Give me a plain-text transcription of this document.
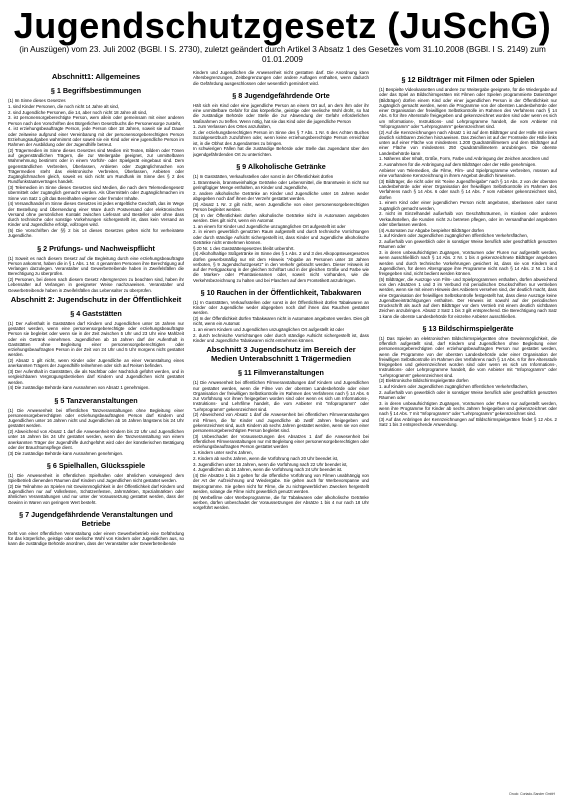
Jugendschutzgesetz (JuSchG)
(in Auszügen) vom 23. Juli 2002 (BGBl. I S. 2730), zuletzt geändert durch Artikel 3 Absatz 1 des Gesetzes vom 31.10.2008 (BGBl. I S. 2149) zum 01.01.2009
Abschnitt1: Allgemeines
§ 1 Begriffsbestimmungen
(1) Im Sinne dieses Gesetzes
1. sind Kinder Personen, die noch nicht 14 Jahre alt sind,
2. sind Jugendliche Personen, die 14, aber noch nicht 18 Jahre alt sind,
3. ist personensorgeberechtigte Person, wem allein oder gemeinsam mit einer anderen Person nach den Vorschriften des Bürgerlichen Gesetzbuchs die Personensorge zusteht,
4. ist erziehungsbeauftragte Person, jede Person über 18 Jahren, soweit sie auf Dauer oder zeitweise aufgrund einer Vereinbarung mit der personensorgeberechtigten Person Erziehungsaufgaben wahrnimmt oder soweit sie ein Kind oder eine jugendliche Person im Rahmen der Ausbildung oder der Jugendhilfe betreut.
(2) Trägermedien im Sinne dieses Gesetzes sind Medien mit Texten, Bildern oder Tönen auf gegenständlichen Trägern, die zur Weitergabe geeignet, zur unmittelbaren Wahrnehmung bestimmt oder in einem Vorführ- oder Spielgerät eingebaut sind. Dem gegenständlichen Verbreiten, Überlassen, Anbieten oder Zugänglichmachen von Trägermedien steht das elektronische Verbreiten, Überlassen, Anbieten oder Zugänglichmachen gleich, soweit es sich nicht um Rundfunk im Sinne des § 2 des Rundfunkstaatsvertrages handelt.
(3) Telemedien im Sinne dieses Gesetzes sind Medien, die nach dem Telemediengesetz übermittelt oder zugänglich gemacht werden. Als Übermitteln oder Zugänglichmachen im Sinne von Satz 1 gilt das Bereithalten eigener oder fremder Inhalte.
(4) Versandhandel im Sinne dieses Gesetzes ist jedes entgeltliche Geschäft, das im Wege der Bestellung und Übersendung einer Ware durch Postversand oder elektronischen Versand ohne persönlichen Kontakt zwischen Lieferant und Besteller oder ohne dass durch technische oder sonstige Vorkehrungen sichergestellt ist, dass kein Versand an Kinder und Jugendliche erfolgt, vollzogen wird.
(5) Die Vorschriften der §§ 2 bis 14 dieses Gesetzes gelten nicht für verheiratete Jugendliche.
§ 2 Prüfungs- und Nachweispflicht
(1) Soweit es nach diesem Gesetz auf die Begleitung durch eine erziehungsbeauftragte Person ankommt, haben die in § 1 Abs. 1 Nr. 4 genannten Personen ihre Berechtigung auf Verlangen darzulegen. Veranstalter und Gewerbetreibende haben in Zweifelsfällen die Berechtigung zu überprüfen.
(2) Personen, bei denen nach diesem Gesetz Altersgrenzen zu beachten sind, haben ihr Lebensalter auf Verlangen in geeigneter Weise nachzuweisen. Veranstalter und Gewerbetreibende haben in Zweifelsfällen das Lebensalter zu überprüfen.
Abschnitt 2: Jugendschutz in der Öffentlichkeit
§ 4 Gaststätten
(1) Der Aufenthalt in Gaststätten darf Kindern und Jugendlichen unter 16 Jahren nur gestattet werden, wenn eine personensorgeberechtigte oder erziehungsbeauftragte Person sie begleitet oder wenn sie in der Zeit zwischen 5 Uhr und 23 Uhr eine Mahlzeit oder ein Getränk einnehmen. Jugendlichen ab 16 Jahren darf der Aufenthalt in Gaststätten ohne Begleitung einer personensorgeberechtigten oder erziehungsbeauftragten Person in der Zeit von 24 Uhr und 5 Uhr morgens nicht gestattet werden.
(2) Absatz 1 gilt nicht, wenn Kinder oder Jugendliche an einer Veranstaltung eines anerkannten Trägers der Jugendhilfe teilnehmen oder sich auf Reisen befinden.
(3) Der Aufenthalt in Gaststätten, die als Nachtbar oder Nachtclub geführt werden, und in vergleichbaren Vergnügungsbetrieben darf Kindern und Jugendlichen nicht gestattet werden.
(4) Die zuständige Behörde kann Ausnahmen von Absatz 1 genehmigen.
§ 5 Tanzveranstaltungen
(1) Die Anwesenheit bei öffentlichen Tanzveranstaltungen ohne Begleitung einer personensorgeberechtigten oder erziehungsbeauftragten Person darf Kindern und Jugendlichen unter 16 Jahren nicht und Jugendlichen ab 16 Jahren längstens bis 24 Uhr gestattet werden.
(2) Abweichend von Absatz 1 darf die Anwesenheit Kindern bis 22 Uhr und Jugendlichen unter 16 Jahren bis 24 Uhr gestattet werden, wenn die Tanzveranstaltung von einem anerkannten Träger der Jugendhilfe durchgeführt wird oder der künstlerischen Betätigung oder der Brauchtumspflege dient.
(3) Die zuständige Behörde kann Ausnahmen genehmigen.
§ 6 Spielhallen, Glücksspiele
(1) Die Anwesenheit in öffentlichen Spielhallen oder ähnlichen vorwiegend dem Spielbetrieb dienenden Räumen darf Kindern und Jugendlichen nicht gestattet werden.
(2) Die Teilnahme an Spielen mit Gewinnmöglichkeit in der Öffentlichkeit darf Kindern und Jugendlichen nur auf Volksfesten, Schützenfesten, Jahrmärkten, Spezialmärkten oder ähnlichen Veranstaltungen und nur unter der Voraussetzung gestattet werden, dass der Gewinn in Waren von geringem Wert besteht.
§ 7 Jugendgefährdende Veranstaltungen und Betriebe
Geht von einer öffentlichen Veranstaltung oder einem Gewerbebetrieb eine Gefährdung für das körperliche, geistige oder seelische Wohl von Kindern oder Jugendlichen aus, so kann die zuständige Behörde anordnen, dass der Veranstalter oder Gewerbetreibende
Kindern und Jugendlichen die Anwesenheit nicht gestatten darf. Die Anordnung kann Altersbegrenzungen, Zeitbegrenzungen oder andere Auflagen enthalten, wenn dadurch die Gefährdung ausgeschlossen oder wesentlich gemindert wird.
§ 8 Jugendgefährdende Orte
Hält sich ein Kind oder eine jugendliche Person an einem Ort auf, an dem ihm oder ihr eine unmittelbare Gefahr für das körperliche, geistige oder seelische Wohl droht, so hat die zuständige Behörde oder Stelle die zur Abwendung der Gefahr erforderlichen Maßnahmen zu treffen. Wenn nötig, hat sie das Kind oder die jugendliche Person
1. zum Verlassen des Ortes anzuhalten,
2. der erziehungsberechtigten Person im Sinne des § 7 Abs. 1 Nr. 6 des Achten Buches Sozialgesetzbuch zuzuführen oder, wenn keine erziehungsberechtigte Person erreichbar ist, in die Obhut des Jugendamtes zu bringen.
In schwierigen Fällen hat die zuständige Behörde oder Stelle das Jugendamt über den jugendgefährdenden Ort zu unterrichten.
§ 9 Alkoholische Getränke
(1) In Gaststätten, Verkaufsstellen oder sonst in der Öffentlichkeit dürfen
1. Branntwein, branntweinhaltige Getränke oder Lebensmittel, die Branntwein in nicht nur geringfügiger Menge enthalten, an Kinder und Jugendliche,
2. andere alkoholische Getränke an Kinder und Jugendliche unter 16 Jahren weder abgegeben noch darf ihnen der Verzehr gestattet werden.
(2) Absatz 1 Nr. 2 gilt nicht, wenn Jugendliche von einer personensorgeberechtigten Person begleitet werden.
(3) In der Öffentlichkeit dürfen alkoholische Getränke nicht in Automaten angeboten werden. Dies gilt nicht, wenn ein Automat
1. an einem für Kinder und Jugendliche unzugänglichen Ort aufgestellt ist oder
2. in einem gewerblich genutzten Raum aufgestellt und durch technische Vorrichtungen oder durch ständige Aufsicht sichergestellt ist, dass Kinder und Jugendliche alkoholische Getränke nicht entnehmen können.
§ 20 Nr. 1 des Gaststättengesetzes bleibt unberührt.
(4) Alkoholhaltige Süßgetränke im Sinne des § 1 Abs. 2 und 3 des Alkopopsteuergesetzes dürfen gewerbsmäßig nur mit dem Hinweis "Abgabe an Personen unter 18 Jahren verboten, § 9 Jugendschutzgesetz" in den Verkehr gebracht werden. Dieser Hinweis ist auf der Fertigpackung in der gleichen Schriftart und in der gleichen Größe und Farbe wie die Marken- oder Phantasienamen oder, soweit nicht vorhanden, wie die Verkehrsbezeichnung zu halten und bei Flaschen auf dem Frontetikett anzubringen.
§ 10 Rauchen in der Öffentlichkeit, Tabakwaren
(1) In Gaststätten, Verkaufsstellen oder sonst in der Öffentlichkeit dürfen Tabakwaren an Kinder oder Jugendliche weder abgegeben noch darf ihnen das Rauchen gestattet werden.
(2) In der Öffentlichkeit dürfen Tabakwaren nicht in Automaten angeboten werden. Dies gilt nicht, wenn ein Automat
1. an einem Kindern und Jugendlichen unzugänglichen Ort aufgestellt ist oder
2. durch technische Vorrichtungen oder durch ständige Aufsicht sichergestellt ist, dass Kinder und Jugendliche Tabakwaren nicht entnehmen können.
Abschnitt 3 Jugendschutz im Bereich der Medien Unterabschnitt 1 Trägermedien
§ 11 Filmveranstaltungen
(1) Die Anwesenheit bei öffentlichen Filmveranstaltungen darf Kindern und Jugendlichen nur gestattet werden, wenn die Filme von der obersten Landesbehörde oder einer Organisation der freiwilligen Selbstkontrolle im Rahmen des Verfahrens nach § 14 Abs. 6 zur Vorführung vor ihnen freigegeben worden sind oder wenn es sich um Informations-, Instruktions- und Lehrfilme handelt, die vom Anbieter mit "Infoprogramm" oder "Lehrprogramm" gekennzeichnet sind.
(2) Abweichend von Absatz 1 darf die Anwesenheit bei öffentlichen Filmveranstaltungen mit Filmen, die für Kinder und Jugendliche ab zwölf Jahren freigegeben und gekennzeichnet sind, auch Kindern ab sechs Jahren gestattet werden, wenn sie von einer personensorgeberechtigten Person begleitet sind.
(3) Unbeschadet der Voraussetzungen des Absatzes 1 darf die Anwesenheit bei öffentlichen Filmveranstaltungen nur mit Begleitung einer personensorgeberechtigten oder erziehungsbeauftragten Person gestattet werden
1. Kindern unter sechs Jahren,
2. Kindern ab sechs Jahren, wenn die Vorführung nach 20 Uhr beendet ist,
3. Jugendlichen unter 16 Jahren, wenn die Vorführung nach 22 Uhr beendet ist,
4. Jugendlichen ab 16 Jahren, wenn die Vorführung nach 24 Uhr beendet ist.
(4) Die Absätze 1 bis 3 gelten für die öffentliche Vorführung von Filmen unabhängig von der Art der Aufzeichnung und Wiedergabe. Sie gelten auch für Werbevorspanne und Beiprogramme. Sie gelten nicht für Filme, die zu nichtgewerblichen Zwecken hergestellt werden, solange die Filme nicht gewerblich genutzt werden.
(5) Werbefilme oder Werbeprogramme, die für Tabakwaren oder alkoholische Getränke werben, dürfen unbeschadet der Voraussetzungen der Absätze 1 bis 4 nur nach 18 Uhr vorgeführt werden.
§ 12 Bildträger mit Filmen oder Spielen
(1) Bespielte Videokassetten und andere zur Weitergabe geeignete, für die Wiedergabe auf oder das Spiel an Bildschirmgeräten mit Filmen oder Spielen programmierte Datenträger (Bildträger) dürfen einem Kind oder einer jugendlichen Person in der Öffentlichkeit nur zugänglich gemacht werden, wenn die Programme von der obersten Landesbehörde oder einer Organisation der freiwilligen Selbstkontrolle im Rahmen des Verfahrens nach § 14 Abs. 6 für ihre Altersstufe freigegeben und gekennzeichnet worden sind oder wenn es sich um Informations-, Instruktions- und Lehrprogramme handelt, die vom Anbieter mit "Infoprogramm" oder "Lehrprogramm" gekennzeichnet sind.
(2) Auf die Kennzeichnungen nach Absatz 1 ist auf dem Bildträger und der Hülle mit einem deutlich sichtbaren Zeichen hinzuweisen. Das Zeichen ist auf der Frontseite der Hülle links unten auf einer Fläche von mindestens 1.200 Quadratmillimetern und dem Bildträger auf einer Fläche von mindestens 250 Quadratmillimetern anzubringen. Die oberste Landesbehörde kann
1. Näheres über Inhalt, Größe, Form, Farbe und Anbringung der Zeichen anordnen und
2. Ausnahmen für die Anbringung auf dem Bildträger oder der Hülle genehmigen.
Anbieter von Telemedien, die Filme, Film- und Spielprogramme verbreiten, müssen auf eine vorhandene Kennzeichnung in ihrem Angebot deutlich hinweisen.
(3) Bildträger, die nicht oder mit "Keine Jugendfreigabe" nach § 14 Abs. 2 von der obersten Landesbehörde oder einer Organisation der freiwilligen Selbstkontrolle im Rahmen des Verfahrens nach § 14 Abs. 6 oder nach § 14 Abs. 7 vom Anbieter gekennzeichnet sind, dürfen
1. einem Kind oder einer jugendlichen Person nicht angeboten, überlassen oder sonst zugänglich gemacht werden,
2. nicht im Einzelhandel außerhalb von Geschäftsräumen, in Kiosken oder anderen Verkaufsstellen, die Kunden nicht zu betreten pflegen, oder im Versandhandel angeboten oder überlassen werden.
(4) Automaten zur Abgabe bespielter Bildträger dürfen
1. auf Kindern oder Jugendlichen zugänglichen öffentlichen Verkehrsflächen,
2. außerhalb von gewerblich oder in sonstiger Weise beruflich oder geschäftlich genutzten Räumen oder
3. in deren unbeaufsichtigten Zugängen, Vorräumen oder Fluren nur aufgestellt werden, wenn ausschließlich nach § 14 Abs. 2 Nr. 1 bis 4 gekennzeichnete Bildträger angeboten werden und durch technische Vorkehrungen gesichert ist, dass sie von Kindern und Jugendlichen, für deren Altersgruppe ihre Programme nicht nach § 14 Abs. 2 Nr. 1 bis 4 freigegeben sind, nicht bedient werden können.
(5) Bildträger, die Auszüge von Film- und Spielprogrammen enthalten, dürfen abweichend von den Absätzen 1 und 3 im Verbund mit periodischen Druckschriften nur vertrieben werden, wenn sie mit einem Hinweis des Anbieters versehen sind, der deutlich macht, dass eine Organisation der freiwilligen Selbstkontrolle festgestellt hat, dass diese Auszüge keine Jugendbeeinträchtigungen enthalten. Der Hinweis ist sowohl auf der periodischen Druckschrift als auch auf dem Bildträger vor dem Vertrieb mit einem deutlich sichtbaren Zeichen anzubringen. Absatz 2 Satz 1 bis 3 gilt entsprechend. Die Berechtigung nach Satz 1 kann die oberste Landesbehörde für einzelne Anbieter ausschließen.
§ 13 Bildschirmspielgeräte
(1) Das Spielen an elektronischen Bildschirmspielgeräten ohne Gewinnmöglichkeit, die öffentlich aufgestellt sind, darf Kindern und Jugendlichen ohne Begleitung einer personensorgeberechtigten oder erziehungsbeauftragten Person nur gestattet werden, wenn die Programme von der obersten Landesbehörde oder einer Organisation der freiwilligen Selbstkontrolle im Rahmen des Verfahrens nach § 14 Abs. 6 für ihre Altersstufe freigegeben und gekennzeichnet worden sind oder wenn es sich um Informations-, Instruktions- oder Lehrprogramme handelt, die vom Anbieter mit "Infoprogramm" oder "Lehrprogramm" gekennzeichnet sind.
(2) Elektronische Bildschirmspielgeräte dürfen
1. auf Kindern oder Jugendlichen zugänglichen öffentlichen Verkehrsflächen,
2. außerhalb von gewerblich oder in sonstiger Weise beruflich oder geschäftlich genutzten Räumen oder
3. in deren unbeaufsichtigten Zugängen, Vorräumen oder Fluren nur aufgestellt werden, wenn ihre Programme für Kinder ab sechs Jahren freigegeben und gekennzeichnet oder nach § 14 Abs. 7 mit "Infoprogramm" oder "Lehrprogramm" gekennzeichnet sind.
(3) Auf das Anbringen der Kennzeichnungen auf Bildschirmspielgeräten findet § 12 Abs. 2 Satz 1 bis 3 entsprechende Anwendung.
Druck: Cortado-Sander GmbH
